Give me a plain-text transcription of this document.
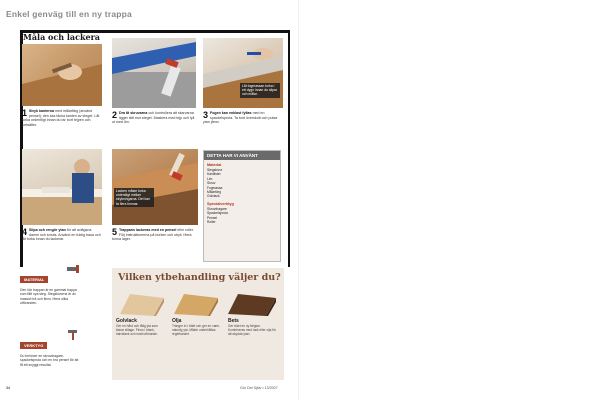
Enkel genväg till en ny trappa
Måla och lackera
Låt fogmassan torka i ett dygn innan du slipar och målar.
Lacken måste torka ordentligt mellan strykningarna. Det kan ta flera timmar.
1 Stryk kanterna med målarfärg (använd pensel); den ska täcka kanten av steget. Låt torka ordentligt innan du tar bort tejpen och fortsätter.
2 Dra åt skruvarna och kontrollera att skarvarna ligger tätt mot steget. Maskera med tejp och fyll ut med lim.
3 Fogen kan enklast fyllas med en spackelspruta. Ta bort överskott och putsa ytan jämn.
4 Slipa och rengör ytan för att avlägsna damm och smuts. Använd en fuktig trasa och låt torka innan du lackerar.
5 Trappans lackeras med en pensel eller roller. Följ instruktionerna på burken och stryk i flera tunna lager.
DETTA HAR VI ANVÄNT
Material
Stegskivor
Kantlister
Lim
Skruv
Fogmassa
Målarfärg
Golvlack
Specialverktyg
Skruvdragare
Spackelspruta
Pensel
Roller
MATERIAL
Den här trappan är en gammal trappa som fått nya steg. Stegskivorna är av massivt trä och finns i flera olika utföranden.
VERKTYG
Du behöver en skruvdragare, spackelspruta och en bra pensel för att få ett snyggt resultat.
Vilken ytbehandling väljer du?
Golvlack
Ger en hård och tålig yta som klarar slitage. Finns i blank, halvblank och matt utförande.
Olja
Tränger in i träet och ger en varm, naturlig yta. Måste underhållas regelbundet.
Bets
Ger träet en ny färgton. Kombineras med lack eller olja för att skydda ytan.
34	Gör Det Själv • 13/2007
